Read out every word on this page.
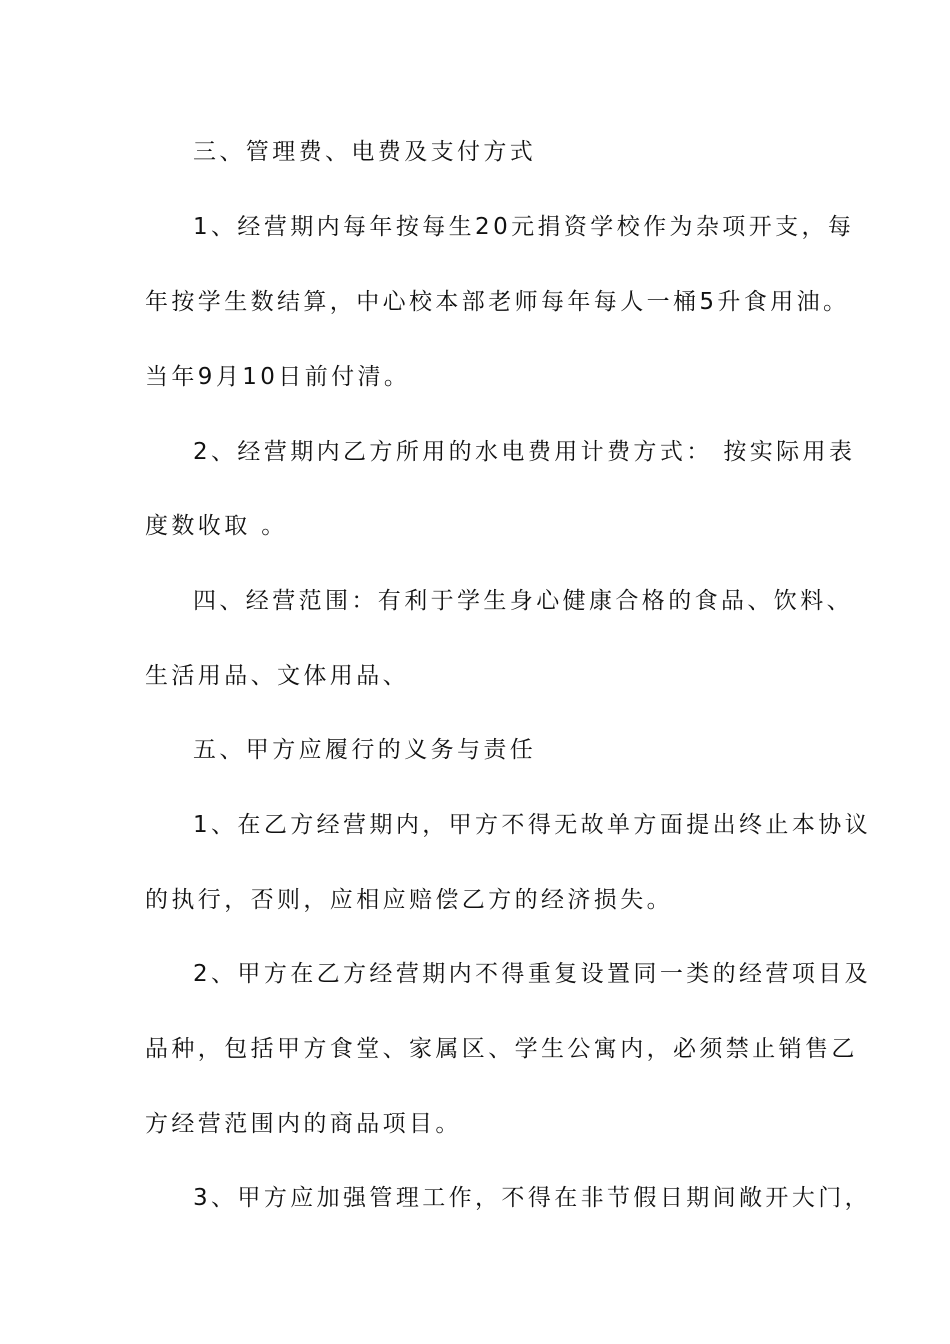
三、管理费、电费及支付方式
1、经营期内每年按每生20元捐资学校作为杂项开支，每
年按学生数结算，中心校本部老师每年每人一桶5升食用油。
当年9月10日前付清。
2、经营期内乙方所用的水电费用计费方式： 按实际用表
度数收取 。
四、经营范围：有利于学生身心健康合格的食品、饮料、
生活用品、文体用品、
五、甲方应履行的义务与责任
1、在乙方经营期内，甲方不得无故单方面提出终止本协议
的执行，否则，应相应赔偿乙方的经济损失。
2、甲方在乙方经营期内不得重复设置同一类的经营项目及
品种，包括甲方食堂、家属区、学生公寓内，必须禁止销售乙
方经营范围内的商品项目。
3、甲方应加强管理工作，不得在非节假日期间敞开大门，
